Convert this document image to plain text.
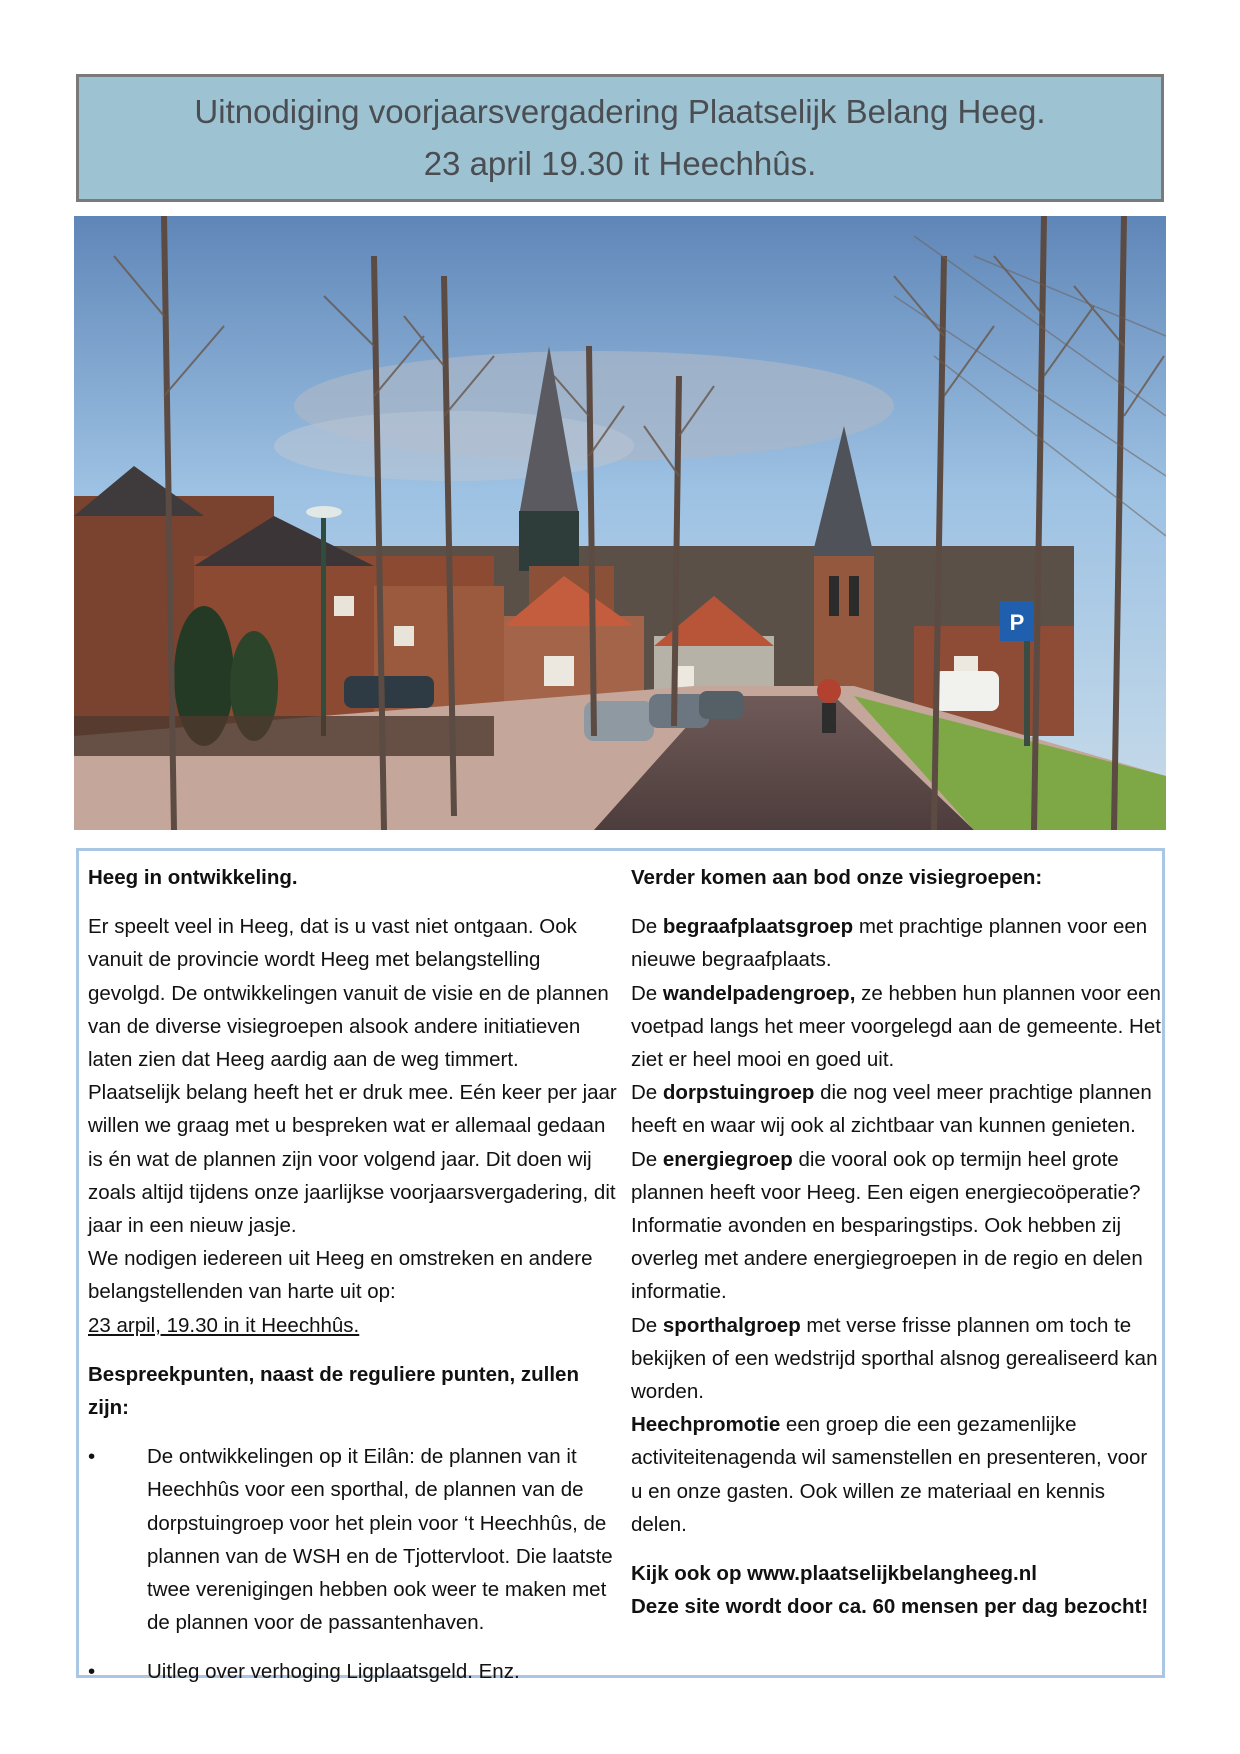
Uitnodiging voorjaarsvergadering Plaatselijk Belang Heeg.
23 april 19.30 it Heechhûs.
P

Heeg in ontwikkeling.

Er speelt veel in Heeg, dat is u vast niet ontgaan. Ook vanuit de provincie wordt Heeg met belangstelling gevolgd. De ontwikkelingen vanuit de visie en de plannen van de diverse visiegroepen alsook andere initiatieven laten zien dat Heeg aardig aan de weg timmert.

Plaatselijk belang heeft het er druk mee. Eén keer per jaar willen we graag met u bespreken wat er allemaal gedaan is én wat de plannen zijn voor volgend jaar. Dit doen wij zoals altijd tijdens onze jaarlijkse voorjaarsvergadering, dit jaar in een nieuw jasje.

We nodigen iedereen uit Heeg en omstreken en andere belangstellenden van harte uit op:

23 arpil, 19.30 in it Heechhûs.

Bespreekpunten, naast de reguliere punten, zullen zijn:

•	De ontwikkelingen op it Eilân: de plannen van it Heechhûs voor een sporthal, de plannen van de dorpstuingroep voor het plein voor ‘t Heechhûs, de plannen van de WSH en de Tjottervloot. Die laatste twee verenigingen hebben ook weer te maken met de plannen voor de passantenhaven.

•	Uitleg over verhoging Ligplaatsgeld. Enz.

Verder komen aan bod onze visiegroepen:

De begraafplaatsgroep met prachtige plannen voor een nieuwe begraafplaats.

De wandelpadengroep, ze hebben hun plannen voor een voetpad langs het meer voorgelegd aan de gemeente. Het ziet er heel mooi en goed uit.

De dorpstuingroep die nog veel meer prachtige plannen heeft en waar wij ook al zichtbaar van kunnen genieten.

De energiegroep die vooral ook op termijn heel grote plannen heeft voor Heeg. Een eigen energiecoöperatie? Informatie avonden en besparingstips. Ook hebben zij overleg met andere energiegroepen in de regio en delen informatie.

De sporthalgroep met verse frisse plannen om toch te bekijken of een wedstrijd sporthal alsnog gerealiseerd kan worden.

Heechpromotie een groep die een gezamenlijke activiteitenagenda wil samenstellen en presenteren, voor u en onze gasten. Ook willen ze materiaal en kennis delen.

Kijk ook op www.plaatselijkbelangheeg.nl

Deze site wordt door ca. 60 mensen per dag bezocht!
